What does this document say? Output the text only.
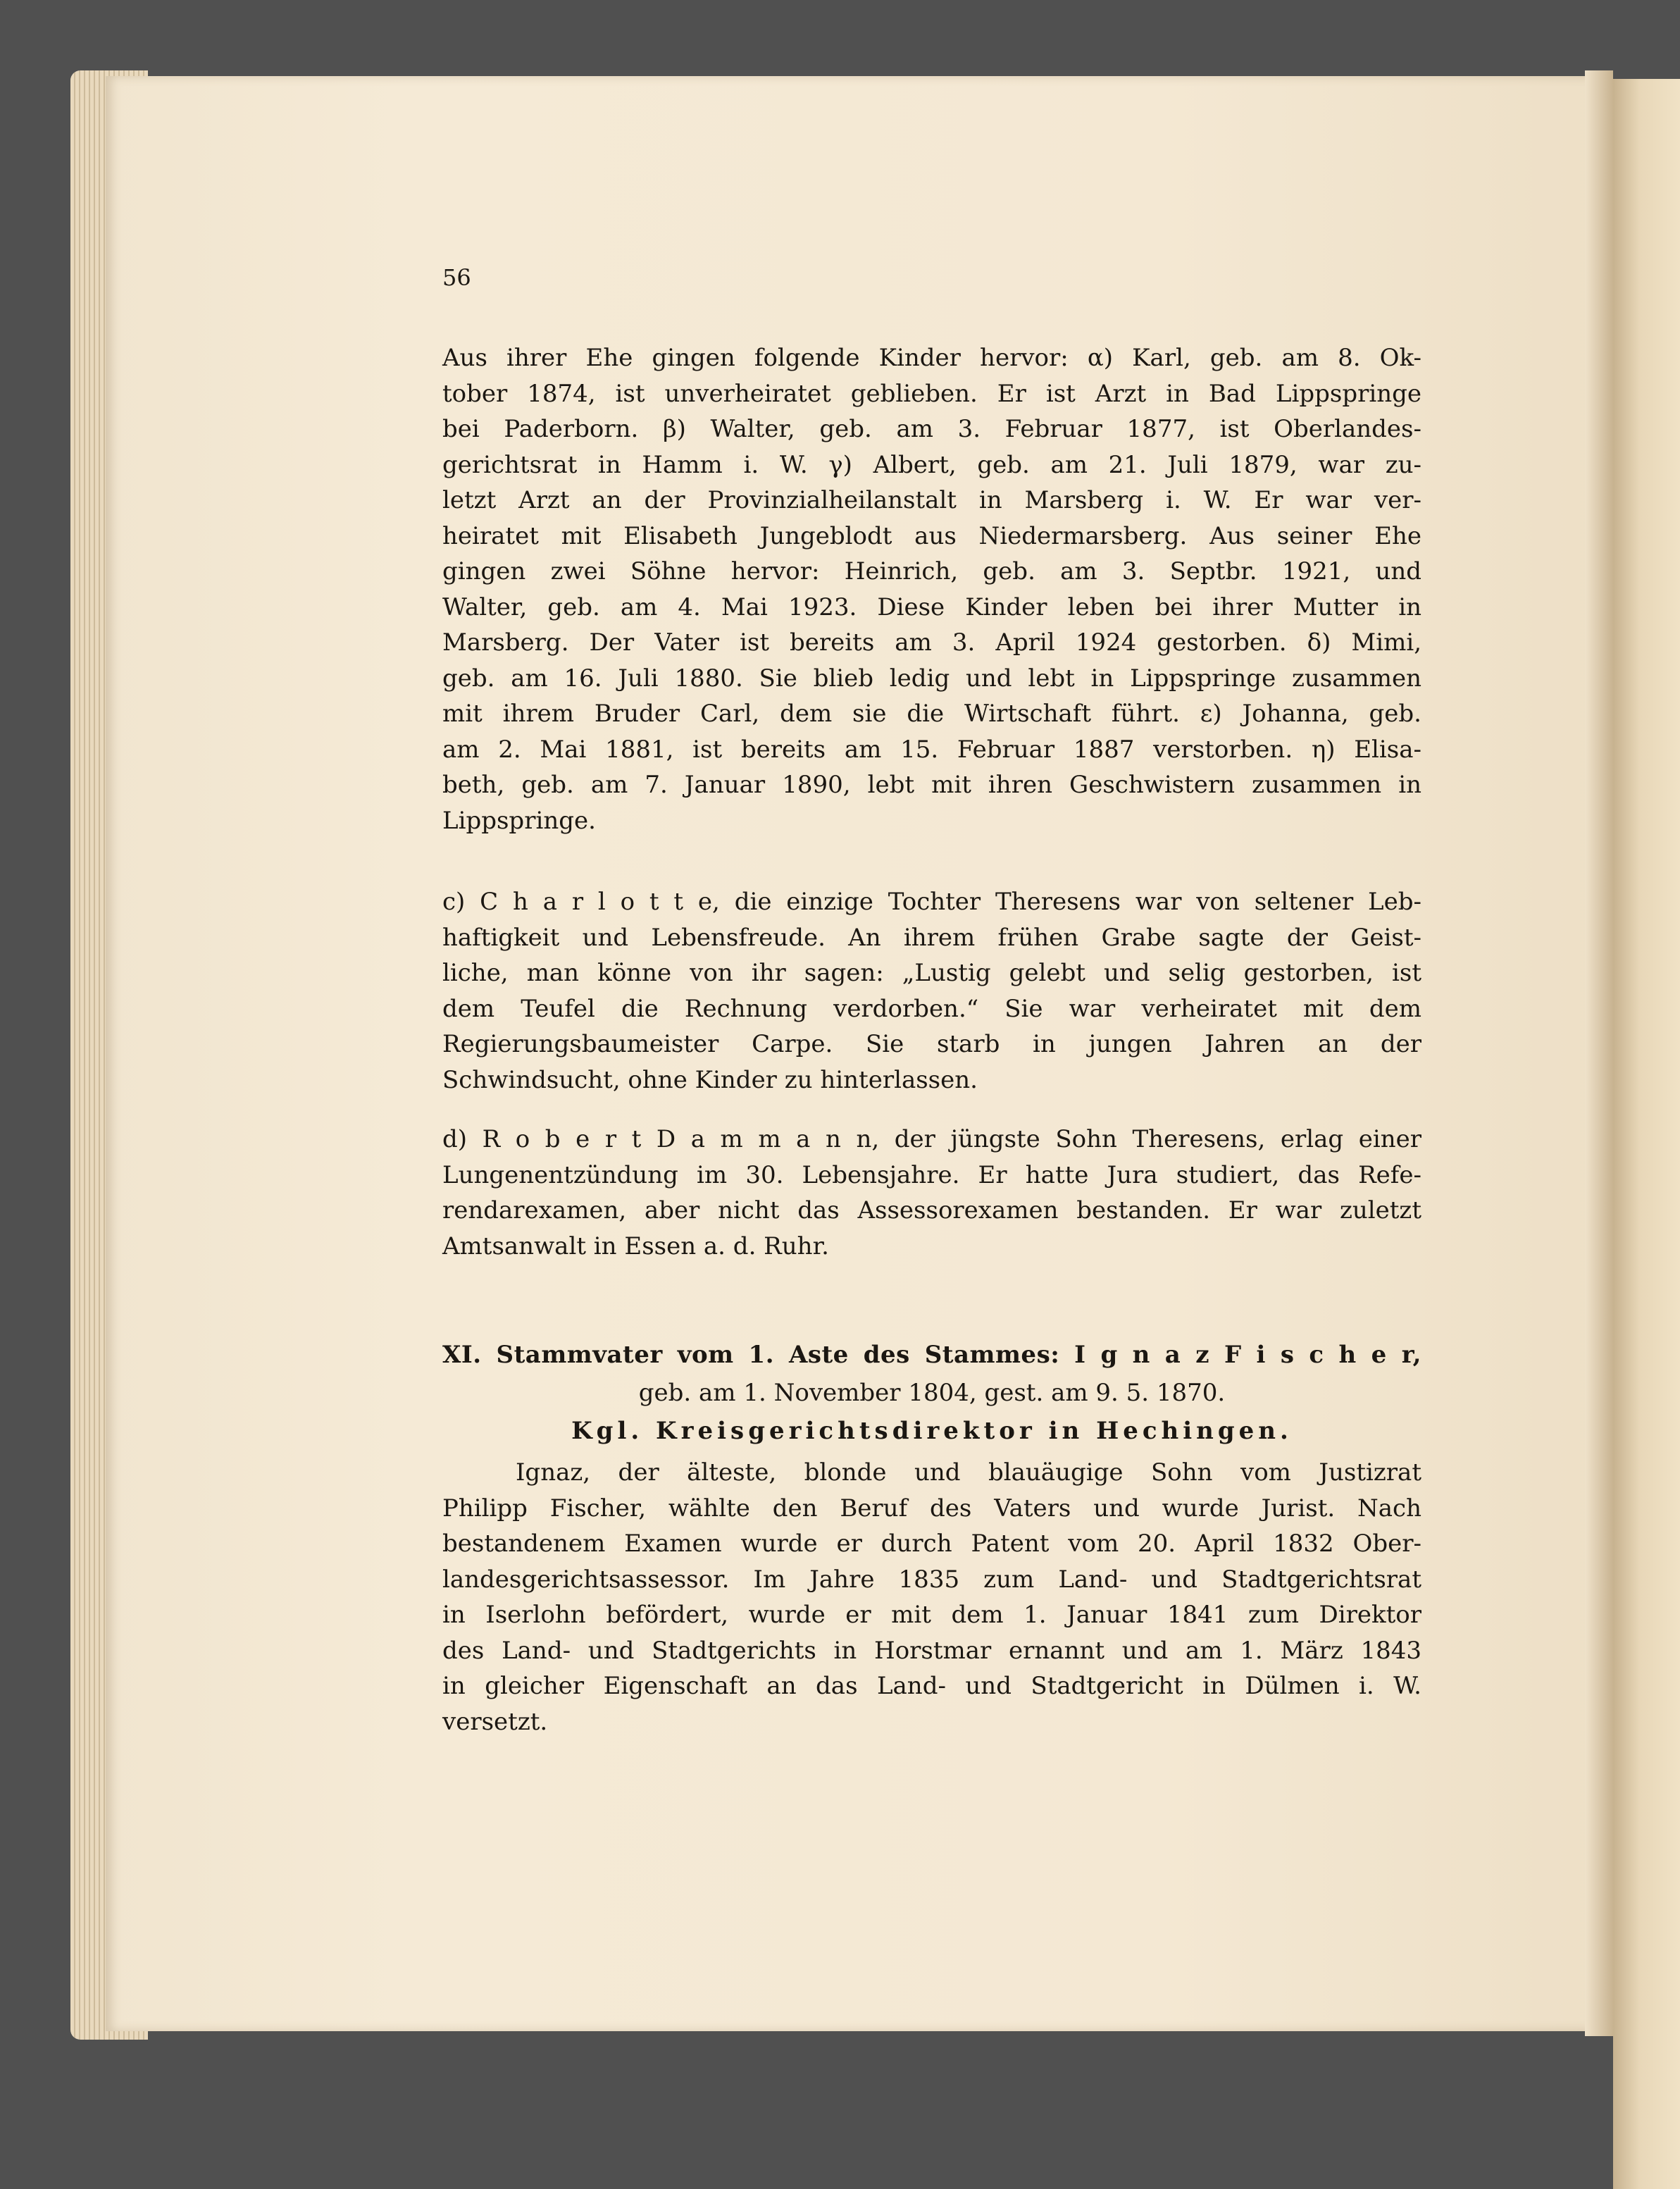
56
Aus ihrer Ehe gingen folgende Kinder hervor: α) Karl, geb. am 8. Ok-
tober 1874, ist unverheiratet geblieben. Er ist Arzt in Bad Lippspringe
bei Paderborn. β) Walter, geb. am 3. Februar 1877, ist Oberlandes-
gerichtsrat in Hamm i. W. γ) Albert, geb. am 21. Juli 1879, war zu-
letzt Arzt an der Provinzialheilanstalt in Marsberg i. W. Er war ver-
heiratet mit Elisabeth Jungeblodt aus Niedermarsberg. Aus seiner Ehe
gingen zwei Söhne hervor: Heinrich, geb. am 3. Septbr. 1921, und
Walter, geb. am 4. Mai 1923. Diese Kinder leben bei ihrer Mutter in
Marsberg. Der Vater ist bereits am 3. April 1924 gestorben. δ) Mimi,
geb. am 16. Juli 1880. Sie blieb ledig und lebt in Lippspringe zusammen
mit ihrem Bruder Carl, dem sie die Wirtschaft führt. ε) Johanna, geb.
am 2. Mai 1881, ist bereits am 15. Februar 1887 verstorben. η) Elisa-
beth, geb. am 7. Januar 1890, lebt mit ihren Geschwistern zusammen in
Lippspringe.
c) C h a r l o t t e, die einzige Tochter Theresens war von seltener Leb-
haftigkeit und Lebensfreude. An ihrem frühen Grabe sagte der Geist-
liche, man könne von ihr sagen: „Lustig gelebt und selig gestorben, ist
dem Teufel die Rechnung verdorben.“ Sie war verheiratet mit dem
Regierungsbaumeister Carpe. Sie starb in jungen Jahren an der
Schwindsucht, ohne Kinder zu hinterlassen.
d) R o b e r t D a m m a n n, der jüngste Sohn Theresens, erlag einer
Lungenentzündung im 30. Lebensjahre. Er hatte Jura studiert, das Refe-
rendarexamen, aber nicht das Assessorexamen bestanden. Er war zuletzt
Amtsanwalt in Essen a. d. Ruhr.
XI. Stammvater vom 1. Aste des Stammes: I g n a z F i s c h e r,
geb. am 1. November 1804, gest. am 9. 5. 1870.
Kgl. Kreisgerichtsdirektor in Hechingen.
Ignaz, der älteste, blonde und blauäugige Sohn vom Justizrat
Philipp Fischer, wählte den Beruf des Vaters und wurde Jurist. Nach
bestandenem Examen wurde er durch Patent vom 20. April 1832 Ober-
landesgerichtsassessor. Im Jahre 1835 zum Land- und Stadtgerichtsrat
in Iserlohn befördert, wurde er mit dem 1. Januar 1841 zum Direktor
des Land- und Stadtgerichts in Horstmar ernannt und am 1. März 1843
in gleicher Eigenschaft an das Land- und Stadtgericht in Dülmen i. W.
versetzt.
